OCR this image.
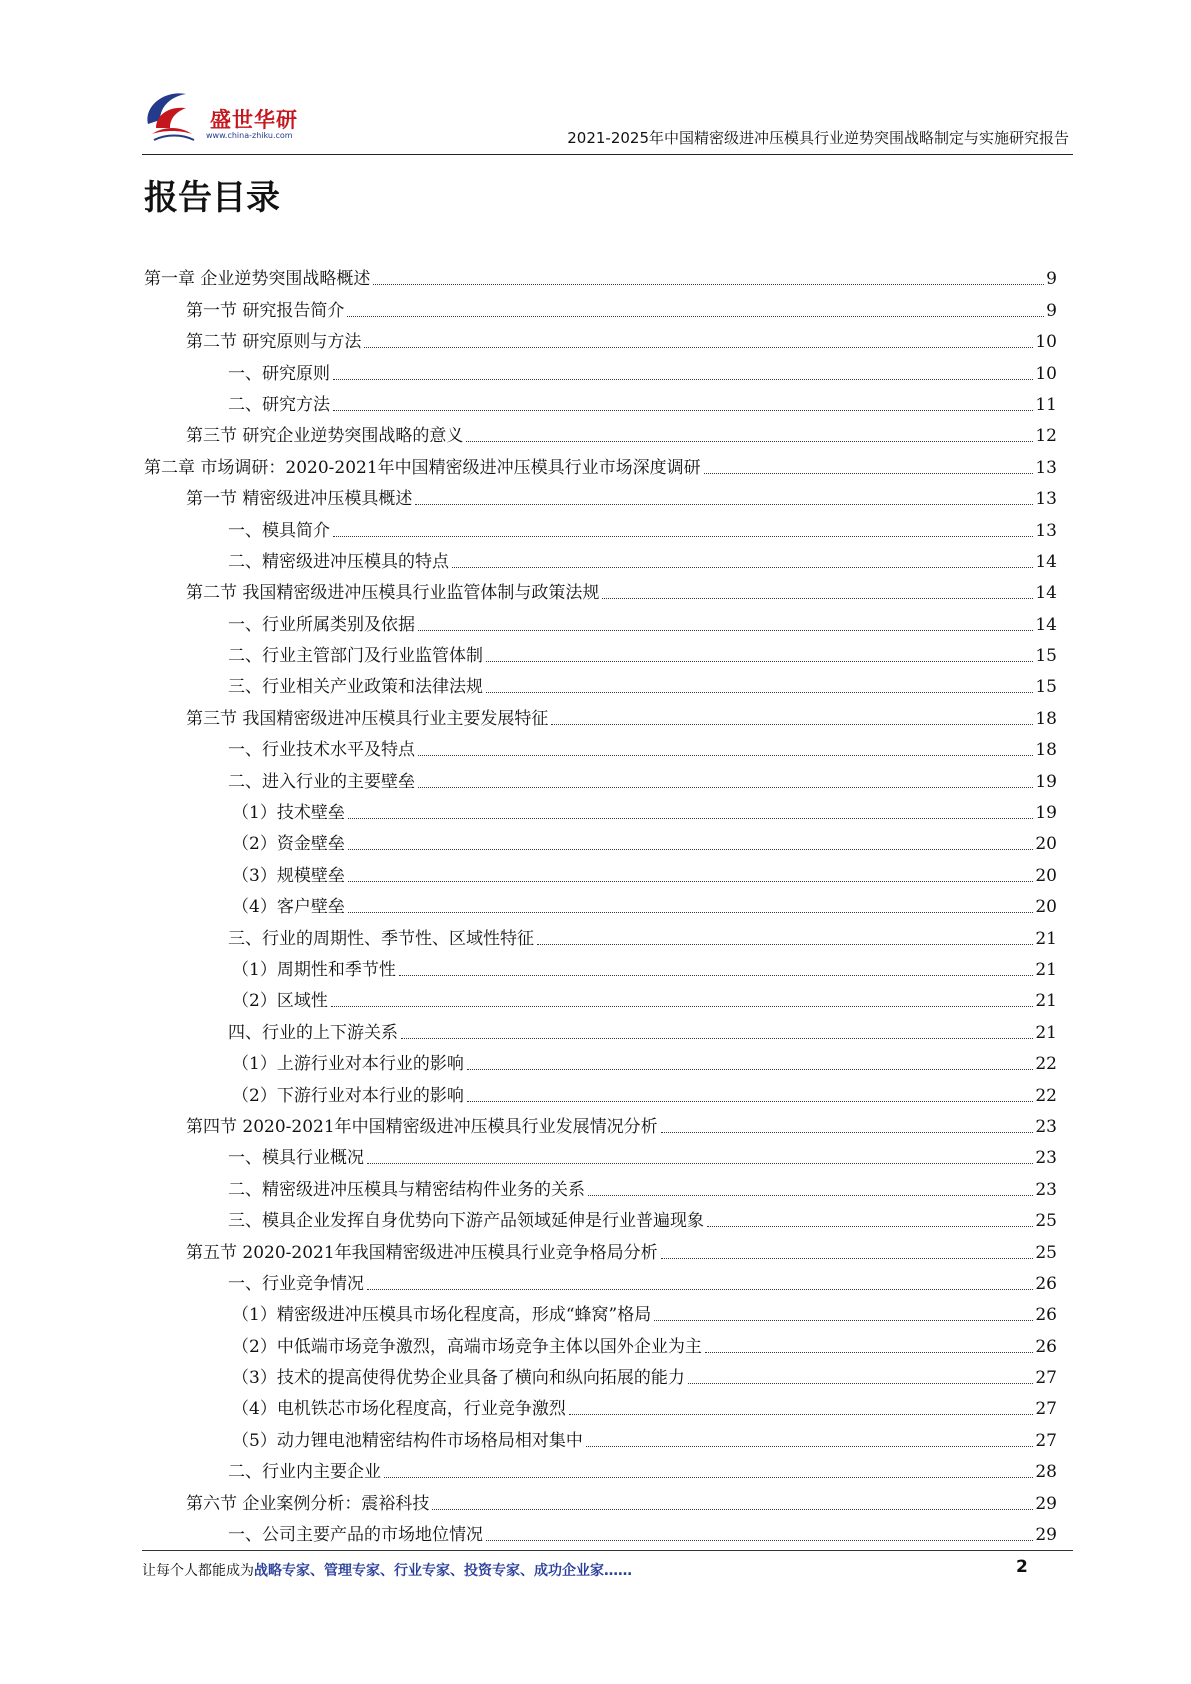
盛世华研
www.china-zhiku.com	2021-2025年中国精密级进冲压模具行业逆势突围战略制定与实施研究报告
报告目录
第一章 企业逆势突围战略概述	9
第一节 研究报告简介	9
第二节 研究原则与方法	10
一、研究原则	10
二、研究方法	11
第三节 研究企业逆势突围战略的意义	12
第二章 市场调研：2020-2021年中国精密级进冲压模具行业市场深度调研	13
第一节 精密级进冲压模具概述	13
一、模具简介	13
二、精密级进冲压模具的特点	14
第二节 我国精密级进冲压模具行业监管体制与政策法规	14
一、行业所属类别及依据	14
二、行业主管部门及行业监管体制	15
三、行业相关产业政策和法律法规	15
第三节 我国精密级进冲压模具行业主要发展特征	18
一、行业技术水平及特点	18
二、进入行业的主要壁垒	19
（1）技术壁垒	19
（2）资金壁垒	20
（3）规模壁垒	20
（4）客户壁垒	20
三、行业的周期性、季节性、区域性特征	21
（1）周期性和季节性	21
（2）区域性	21
四、行业的上下游关系	21
（1）上游行业对本行业的影响	22
（2）下游行业对本行业的影响	22
第四节 2020-2021年中国精密级进冲压模具行业发展情况分析	23
一、模具行业概况	23
二、精密级进冲压模具与精密结构件业务的关系	23
三、模具企业发挥自身优势向下游产品领域延伸是行业普遍现象	25
第五节 2020-2021年我国精密级进冲压模具行业竞争格局分析	25
一、行业竞争情况	26
（1）精密级进冲压模具市场化程度高，形成“蜂窝”格局	26
（2）中低端市场竞争激烈，高端市场竞争主体以国外企业为主	26
（3）技术的提高使得优势企业具备了横向和纵向拓展的能力	27
（4）电机铁芯市场化程度高，行业竞争激烈	27
（5）动力锂电池精密结构件市场格局相对集中	27
二、行业内主要企业	28
第六节 企业案例分析：震裕科技	29
一、公司主要产品的市场地位情况	29
让每个人都能成为战略专家、管理专家、行业专家、投资专家、成功企业家……	2
